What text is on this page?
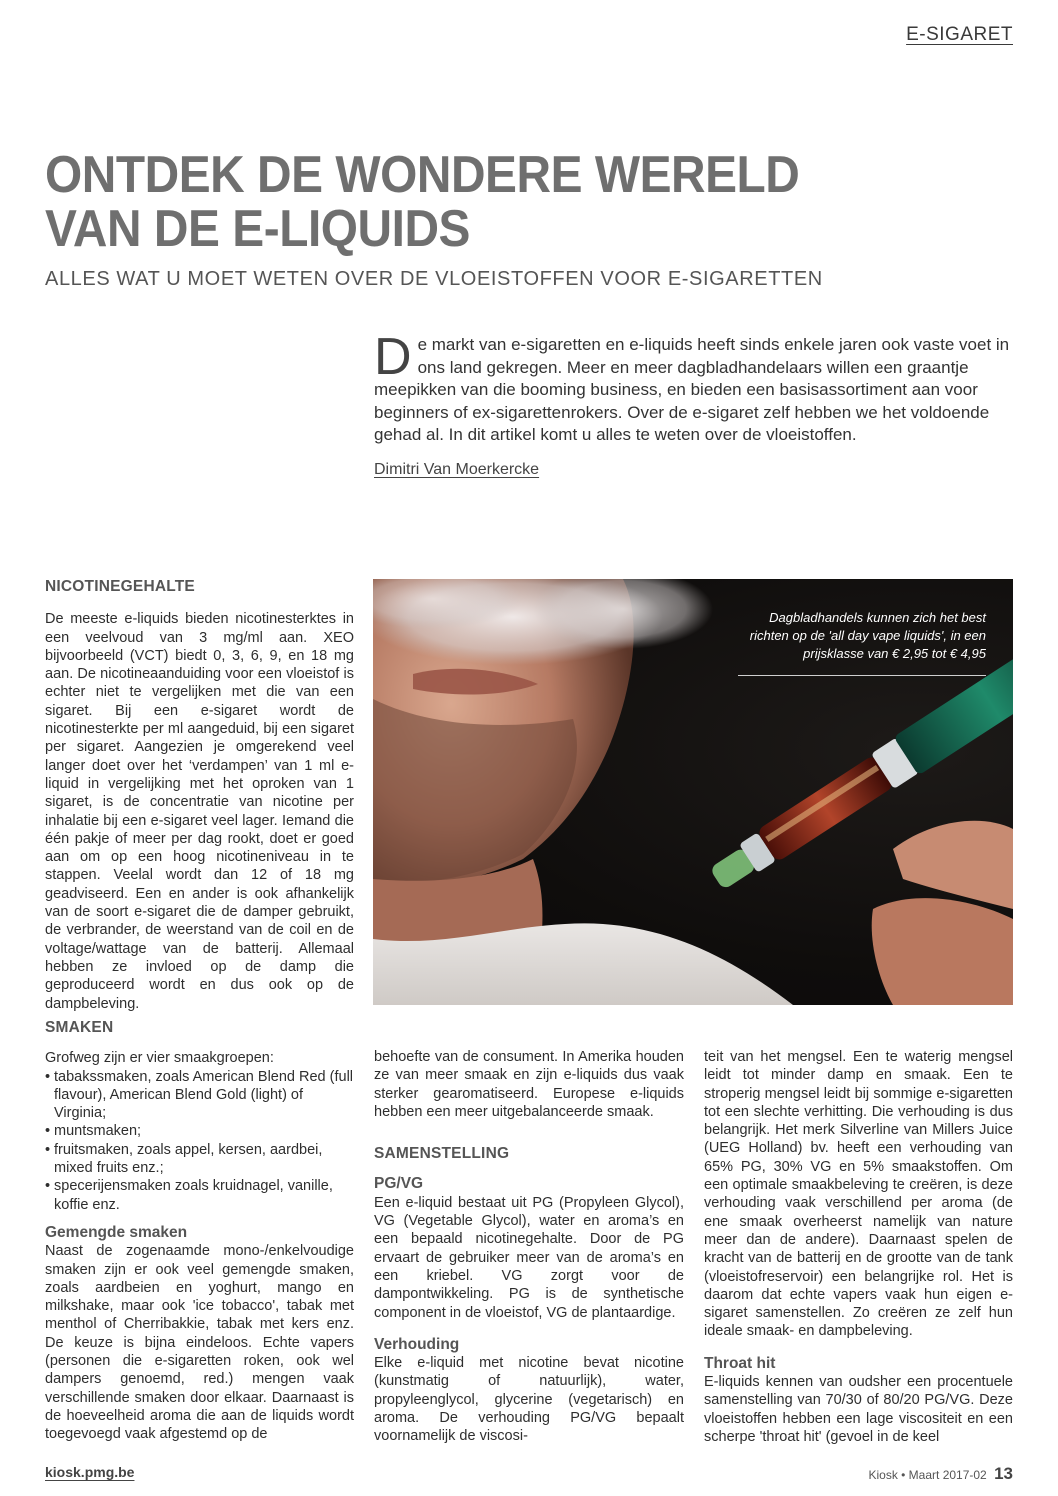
E-SIGARET
ONTDEK DE WONDERE WERELD
VAN DE E-LIQUIDS
ALLES WAT U MOET WETEN OVER DE VLOEISTOFFEN VOOR E-SIGARETTEN
De markt van e-sigaretten en e-liquids heeft sinds enkele jaren ook vaste voet in ons land gekregen. Meer en meer dagbladhandelaars willen een graantje meepikken van die booming business, en bieden een basisassortiment aan voor beginners of ex-sigarettenrokers. Over de e-sigaret zelf hebben we het voldoende gehad al. In dit artikel komt u alles te weten over de vloeistoffen.
Dimitri Van Moerkercke
NICOTINEGEHALTE

De meeste e-liquids bieden nicotinesterktes in een veelvoud van 3 mg/ml aan. XEO bijvoorbeeld (VCT) biedt 0, 3, 6, 9, en 18 mg aan. De nicotineaanduiding voor een vloeistof is echter niet te vergelijken met die van een sigaret. Bij een e-sigaret wordt de nicotinesterkte per ml aangeduid, bij een sigaret per sigaret. Aangezien je omgerekend veel langer doet over het ‘verdampen’ van 1 ml e-liquid in vergelijking met het oproken van 1 sigaret, is de concentratie van nicotine per inhalatie bij een e-sigaret veel lager. Iemand die één pakje of meer per dag rookt, doet er goed aan om op een hoog nicotineniveau in te stappen. Veelal wordt dan 12 of 18 mg geadviseerd. Een en ander is ook afhankelijk van de soort e-sigaret die de damper gebruikt, de verbrander, de weerstand van de coil en de voltage/wattage van de batterij. Allemaal hebben ze invloed op de damp die geproduceerd wordt en dus ook op de dampbeleving.

SMAKEN

Grofweg zijn er vier smaakgroepen:

• tabakssmaken, zoals American Blend Red (full flavour), American Blend Gold (light) of Virginia;
• muntsmaken;
• fruitsmaken, zoals appel, kersen, aardbei, mixed fruits enz.;
• specerijensmaken zoals kruidnagel, vanille, koffie enz.
Gemengde smaken

Naast de zogenaamde mono-/enkelvoudige smaken zijn er ook veel gemengde smaken, zoals aardbeien en yoghurt, mango en milkshake, maar ook 'ice tobacco', tabak met menthol of Cherribakkie, tabak met kers enz. De keuze is bijna eindeloos. Echte vapers (personen die e-sigaretten roken, ook wel dampers genoemd, red.) mengen vaak verschillende smaken door elkaar. Daarnaast is de hoeveelheid aroma die aan de liquids wordt toegevoegd vaak afgestemd op de

Dagbladhandels kunnen zich het best richten op de 'all day vape liquids', in een prijsklasse van € 2,95 tot € 4,95

behoefte van de consument. In Amerika houden ze van meer smaak en zijn e-liquids dus vaak sterker gearomatiseerd. Europese e-liquids hebben een meer uitgebalanceerde smaak.

SAMENSTELLING
PG/VG

Een e-liquid bestaat uit PG (Propyleen Glycol), VG (Vegetable Glycol), water en aroma’s en een bepaald nicotinegehalte. Door de PG ervaart de gebruiker meer van de aroma’s en een kriebel. VG zorgt voor de dampontwikkeling. PG is de synthetische component in de vloeistof, VG de plantaardige.

Verhouding

Elke e-liquid met nicotine bevat nicotine (kunstmatig of natuurlijk), water, propyleenglycol, glycerine (vegetarisch) en aroma. De verhouding PG/VG bepaalt voornamelijk de viscosi-

teit van het mengsel. Een te waterig mengsel leidt tot minder damp en smaak. Een te stroperig mengsel leidt bij sommige e-sigaretten tot een slechte verhitting. Die verhouding is dus belangrijk. Het merk Silverline van Millers Juice (UEG Holland) bv. heeft een verhouding van 65% PG, 30% VG en 5% smaakstoffen. Om een optimale smaakbeleving te creëren, is deze verhouding vaak verschillend per aroma (de ene smaak overheerst namelijk van nature meer dan de andere). Daarnaast spelen de kracht van de batterij en de grootte van de tank (vloeistofreservoir) een belangrijke rol. Het is daarom dat echte vapers vaak hun eigen e-sigaret samenstellen. Zo creëren ze zelf hun ideale smaak- en dampbeleving.

Throat hit

E-liquids kennen van oudsher een procentuele samenstelling van 70/30 of 80/20 PG/VG. Deze vloeistoffen hebben een lage viscositeit en een scherpe 'throat hit' (gevoel in de keel

kiosk.pmg.be	Kiosk • Maart 2017-02 13
